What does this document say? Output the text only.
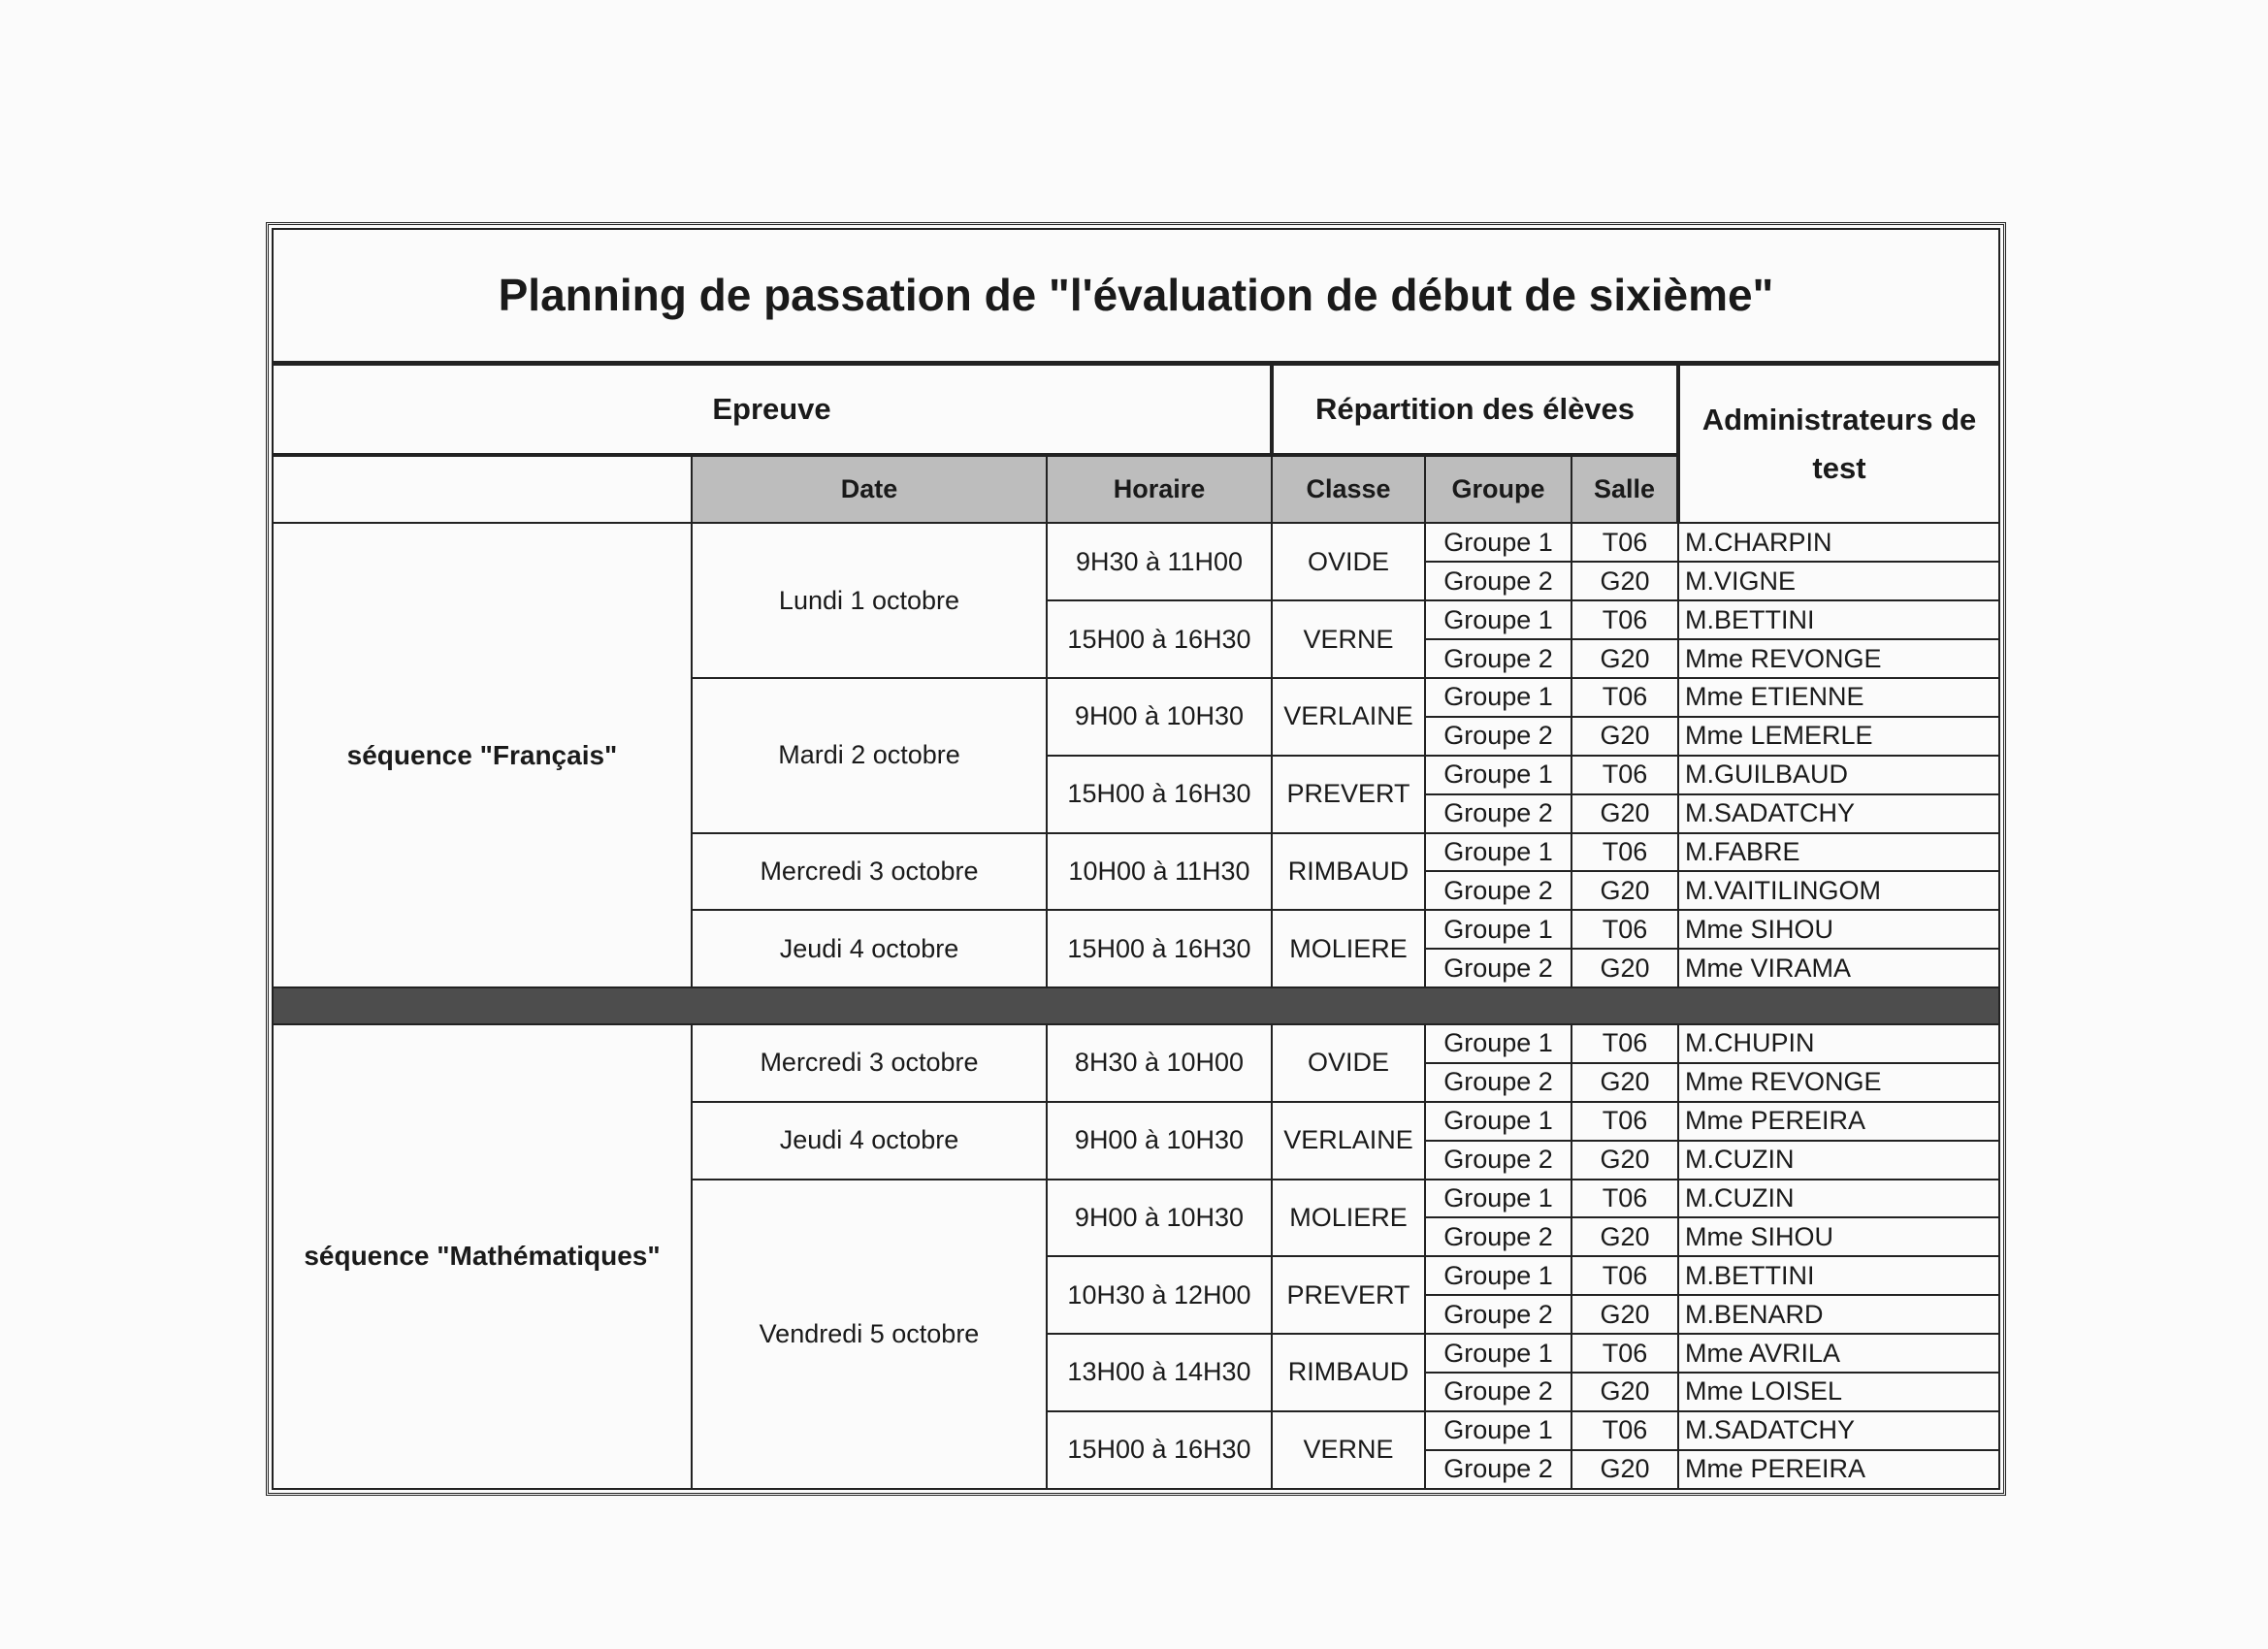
Planning de passation de "l'évaluation de début de sixième"						
Epreuve			Répartition des élèves			Administrateurs de test
	Date	Horaire	Classe	Groupe	Salle	
séquence "Français"	Lundi 1 octobre	9H30 à 11H00	OVIDE	Groupe 1	T06	M.CHARPIN
				Groupe 2	G20	M.VIGNE
		15H00 à 16H30	VERNE	Groupe 1	T06	M.BETTINI
				Groupe 2	G20	Mme REVONGE
	Mardi 2 octobre	9H00 à 10H30	VERLAINE	Groupe 1	T06	Mme ETIENNE
				Groupe 2	G20	Mme LEMERLE
		15H00 à 16H30	PREVERT	Groupe 1	T06	M.GUILBAUD
				Groupe 2	G20	M.SADATCHY
	Mercredi 3 octobre	10H00 à 11H30	RIMBAUD	Groupe 1	T06	M.FABRE
				Groupe 2	G20	M.VAITILINGOM
	Jeudi 4 octobre	15H00 à 16H30	MOLIERE	Groupe 1	T06	Mme SIHOU
				Groupe 2	G20	Mme VIRAMA

séquence "Mathématiques"	Mercredi 3 octobre	8H30 à 10H00	OVIDE	Groupe 1	T06	M.CHUPIN
				Groupe 2	G20	Mme REVONGE
	Jeudi 4 octobre	9H00 à 10H30	VERLAINE	Groupe 1	T06	Mme PEREIRA
				Groupe 2	G20	M.CUZIN
	Vendredi 5 octobre	9H00 à 10H30	MOLIERE	Groupe 1	T06	M.CUZIN
				Groupe 2	G20	Mme SIHOU
		10H30 à 12H00	PREVERT	Groupe 1	T06	M.BETTINI
				Groupe 2	G20	M.BENARD
		13H00 à 14H30	RIMBAUD	Groupe 1	T06	Mme AVRILA
				Groupe 2	G20	Mme LOISEL
		15H00 à 16H30	VERNE	Groupe 1	T06	M.SADATCHY
				Groupe 2	G20	Mme PEREIRA
